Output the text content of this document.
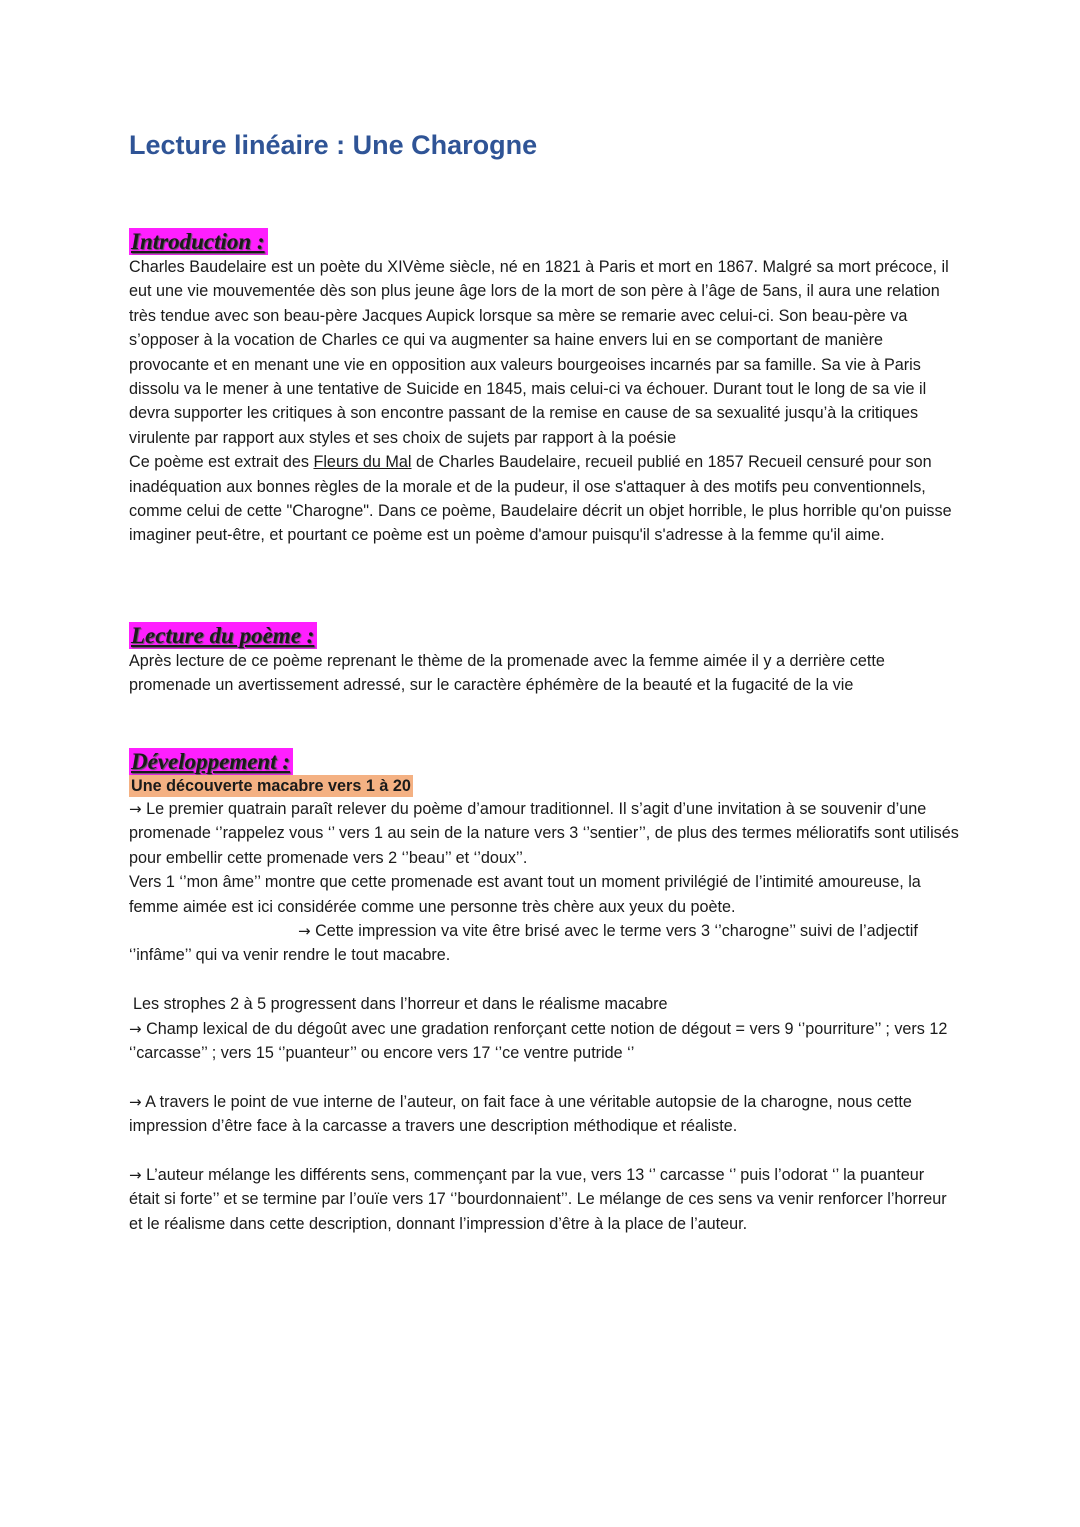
Lecture linéaire : Une Charogne
Introduction :

Charles Baudelaire est un poète du XIVème siècle, né en 1821 à Paris et mort en 1867. Malgré sa mort précoce, il eut une vie mouvementée dès son plus jeune âge lors de la mort de son père à l’âge de 5ans, il aura une relation très tendue avec son beau-père Jacques Aupick lorsque sa mère se remarie avec celui-ci. Son beau-père va s’opposer à la vocation de Charles ce qui va augmenter sa haine envers lui en se comportant de manière provocante et en menant une vie en opposition aux valeurs bourgeoises incarnés par sa famille. Sa vie à Paris dissolu va le mener à une tentative de Suicide en 1845, mais celui-ci va échouer. Durant tout le long de sa vie il devra supporter les critiques à son encontre passant de la remise en cause de sa sexualité jusqu’à la critiques virulente par rapport aux styles et ses choix de sujets par rapport à la poésie

Ce poème est extrait des Fleurs du Mal de Charles Baudelaire, recueil publié en 1857 Recueil censuré pour son inadéquation aux bonnes règles de la morale et de la pudeur, il ose s'attaquer à des motifs peu conventionnels, comme celui de cette "Charogne". Dans ce poème, Baudelaire décrit un objet horrible, le plus horrible qu'on puisse imaginer peut-être, et pourtant ce poème est un poème d'amour puisqu'il s'adresse à la femme qu'il aime.

Lecture du poème :

Après lecture de ce poème reprenant le thème de la promenade avec la femme aimée il y a derrière cette promenade un avertissement adressé, sur le caractère éphémère de la beauté et la fugacité de la vie

Développement :
Une découverte macabre vers 1 à 20

→ Le premier quatrain paraît relever du poème d’amour traditionnel. Il s’agit d’une invitation à se souvenir d’une promenade ‘’rappelez vous ‘’ vers 1 au sein de la nature vers 3 ‘’sentier’’, de plus des termes mélioratifs sont utilisés pour embellir cette promenade vers 2 ‘’beau’’ et ‘’doux’’.

Vers 1 ‘’mon âme’’ montre que cette promenade est avant tout un moment privilégié de l’intimité amoureuse, la femme aimée est ici considérée comme une personne très chère aux yeux du poète.

→ Cette impression va vite être brisé avec le terme vers 3 ‘’charogne’’ suivi de l’adjectif ‘’infâme’’ qui va venir rendre le tout macabre.

Les strophes 2 à 5 progressent dans l’horreur et dans le réalisme macabre

→ Champ lexical de du dégoût avec une gradation renforçant cette notion de dégout = vers 9 ‘’pourriture’’ ; vers 12 ‘’carcasse’’ ; vers 15 ‘’puanteur’’ ou encore vers 17 ‘’ce ventre putride ‘’

→ A travers le point de vue interne de l’auteur, on fait face à une véritable autopsie de la charogne, nous cette impression d’être face à la carcasse a travers une description méthodique et réaliste.

→ L’auteur mélange les différents sens, commençant par la vue, vers 13 ‘’ carcasse ‘’ puis l’odorat ‘’ la puanteur était si forte’’ et se termine par l’ouïe vers 17 ‘’bourdonnaient’’. Le mélange de ces sens va venir renforcer l’horreur et le réalisme dans cette description, donnant l’impression d’être à la place de l’auteur.
